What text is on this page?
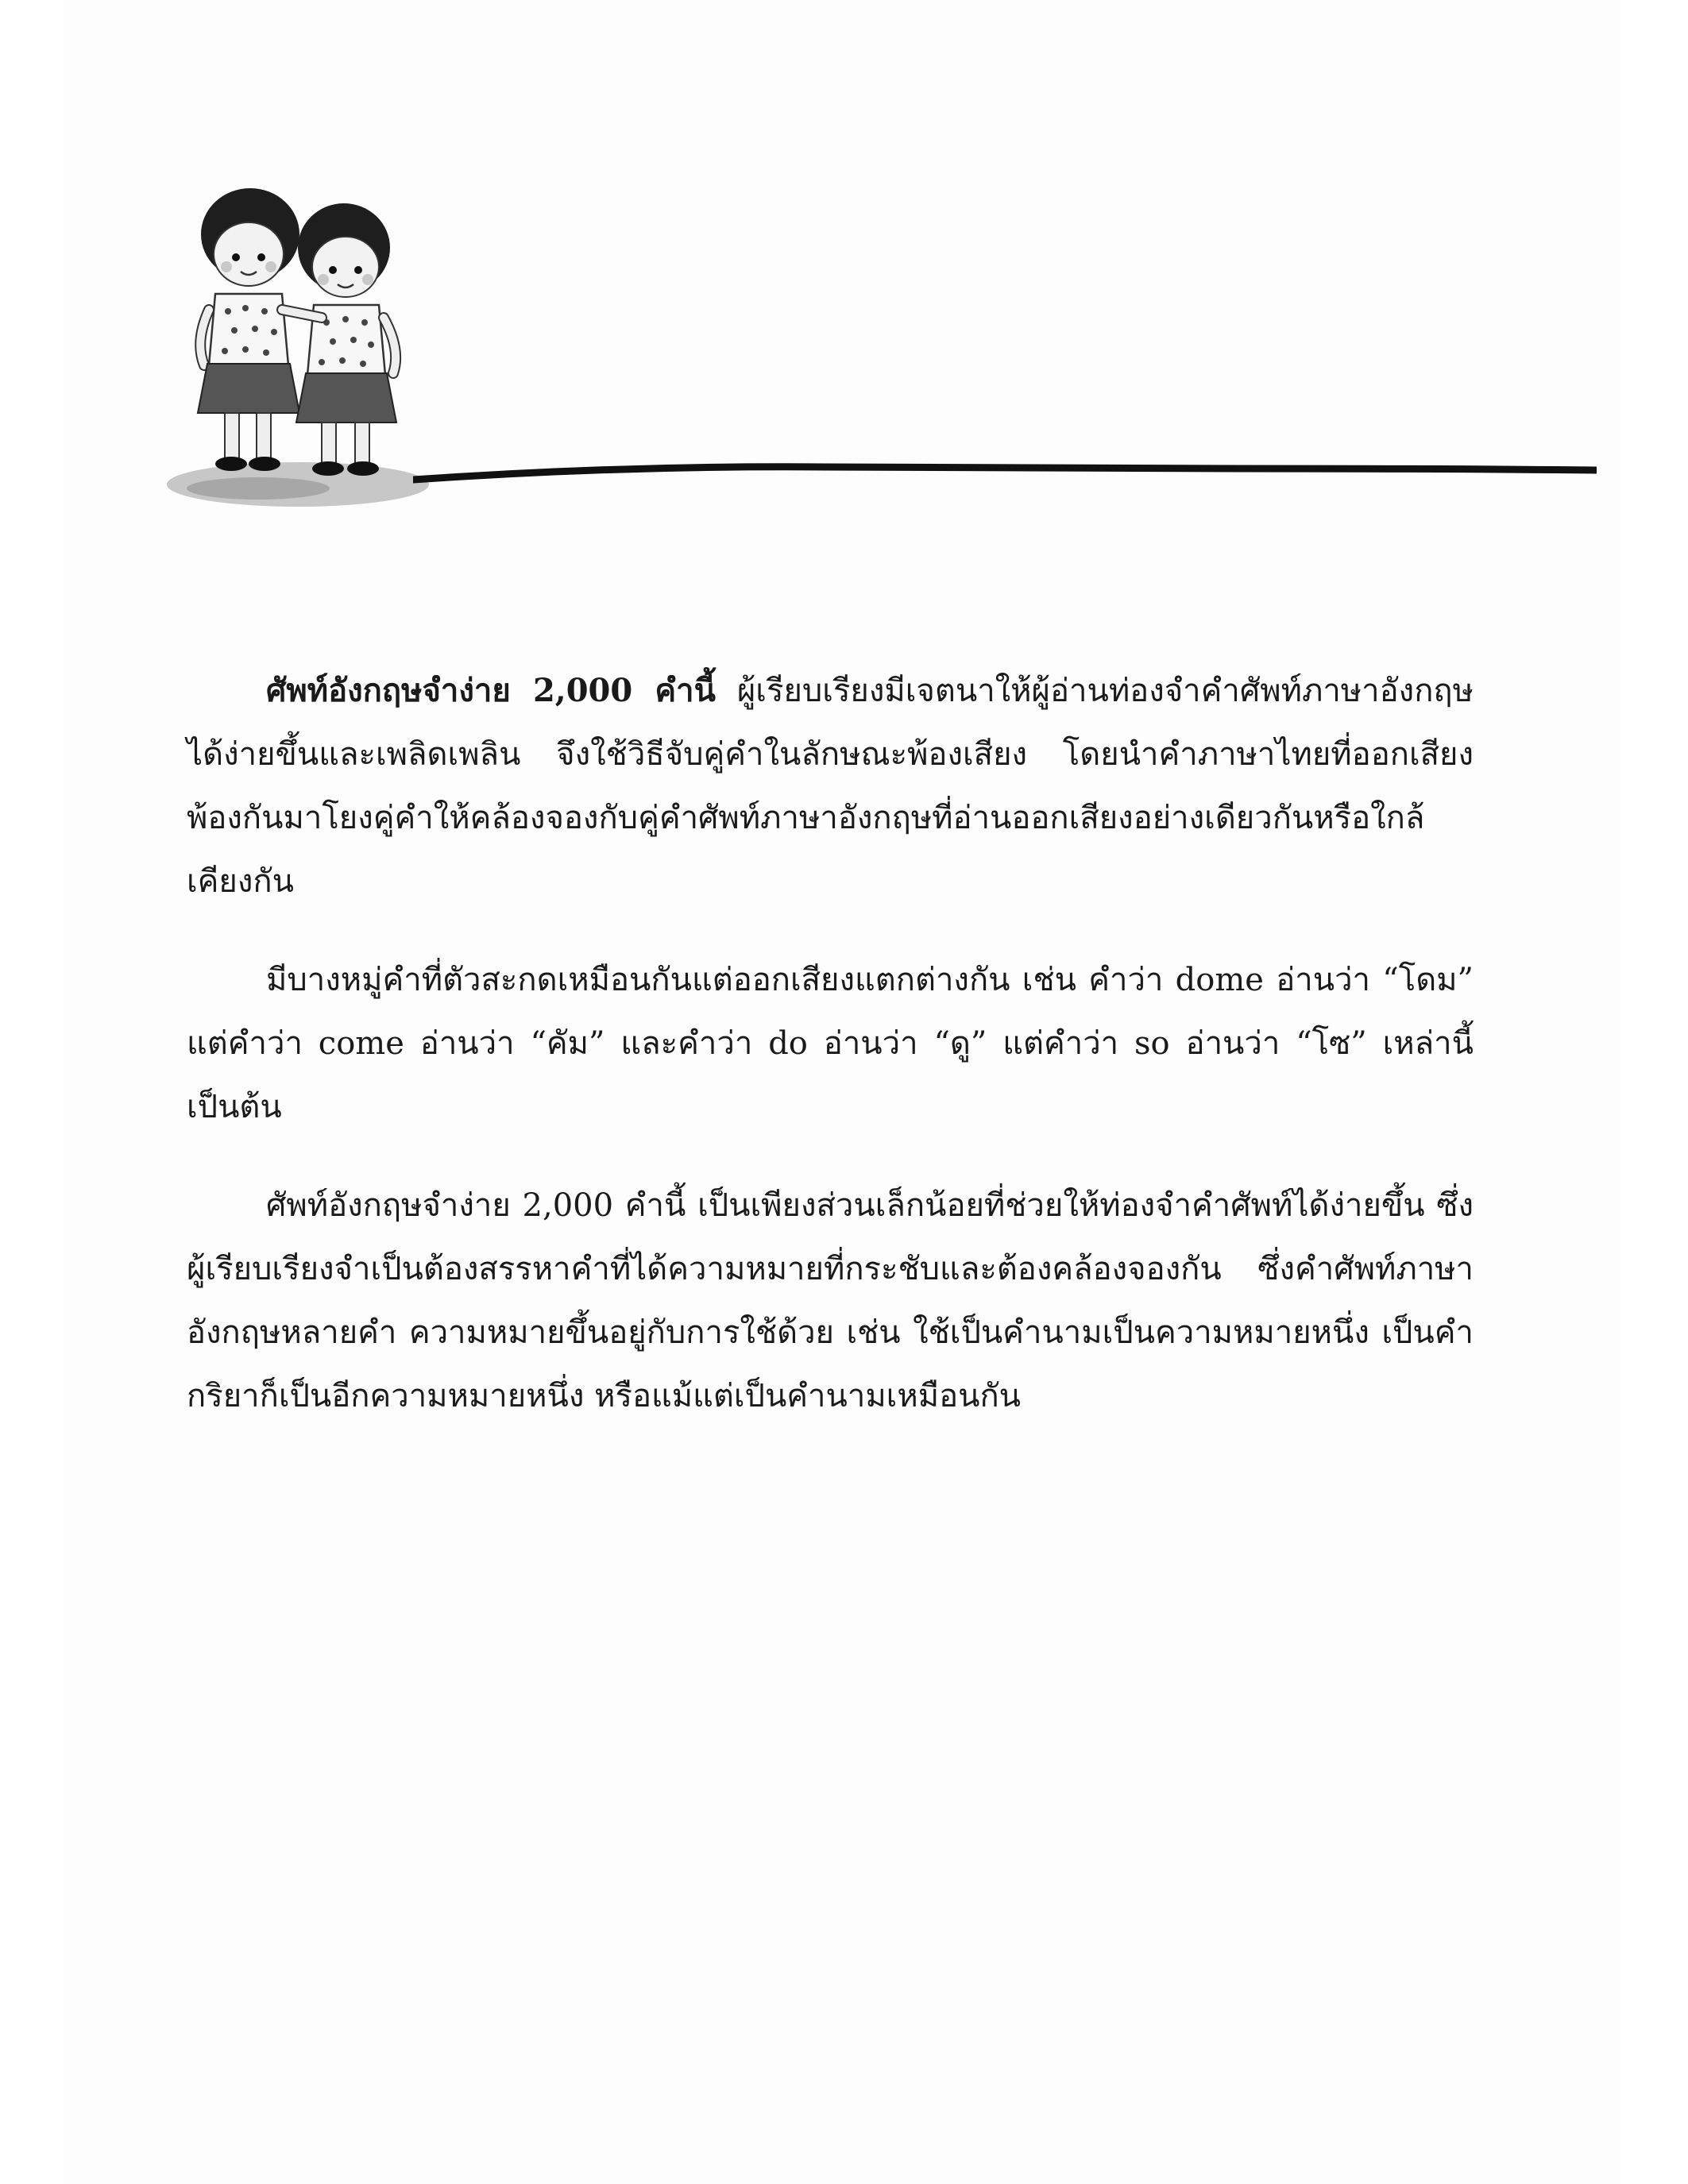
ศัพท์อังกฤษจำง่าย 2,000 คำนี้ ผู้เรียบเรียงมีเจตนาให้ผู้อ่านท่องจำคำศัพท์ภาษาอังกฤษได้ง่ายขึ้นและเพลิดเพลิน จึงใช้วิธีจับคู่คำในลักษณะพ้องเสียง โดยนำคำภาษาไทยที่ออกเสียงพ้องกันมาโยงคู่คำให้คล้องจองกับคู่คำศัพท์ภาษาอังกฤษที่อ่านออกเสียงอย่างเดียวกันหรือใกล้เคียงกัน

มีบางหมู่คำที่ตัวสะกดเหมือนกันแต่ออกเสียงแตกต่างกัน เช่น คำว่า dome อ่านว่า “โดม” แต่คำว่า come อ่านว่า “คัม” และคำว่า do อ่านว่า “ดู” แต่คำว่า so อ่านว่า “โซ” เหล่านี้ เป็นต้น

ศัพท์อังกฤษจำง่าย 2,000 คำนี้ เป็นเพียงส่วนเล็กน้อยที่ช่วยให้ท่องจำคำศัพท์ได้ง่ายขึ้น ซึ่งผู้เรียบเรียงจำเป็นต้องสรรหาคำที่ได้ความหมายที่กระชับและต้องคล้องจองกัน ซึ่งคำศัพท์ภาษาอังกฤษหลายคำ ความหมายขึ้นอยู่กับการใช้ด้วย เช่น ใช้เป็นคำนามเป็นความหมายหนึ่ง เป็นคำกริยาก็เป็นอีกความหมายหนึ่ง หรือแม้แต่เป็นคำนามเหมือนกัน
